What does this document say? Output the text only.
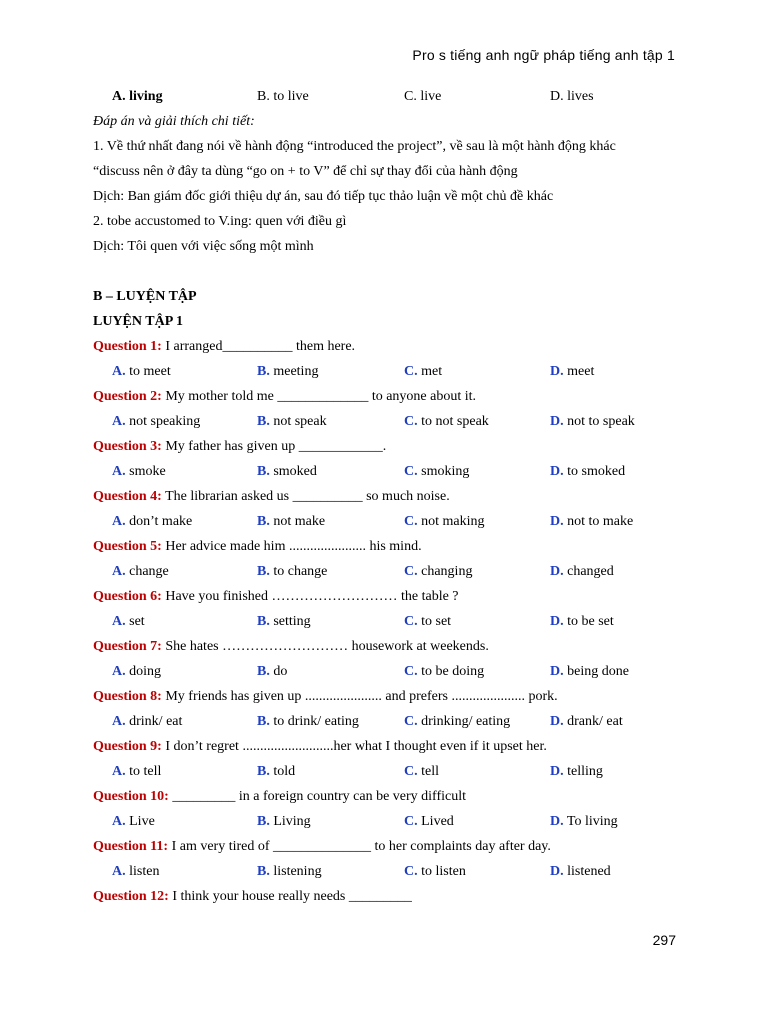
Pro s tiếng anh ngữ pháp tiếng anh tập 1
A. living	B. to live	C. live	D. lives
Đáp án và giải thích chi tiết:
1. Về thứ nhất đang nói về hành động “introduced the project”, về sau là một hành động khác
“discuss nên ở đây ta dùng “go on + to V” để chỉ sự thay đổi của hành động
Dịch: Ban giám đốc giới thiệu dự án, sau đó tiếp tục thảo luận về một chủ đề khác
2. tobe accustomed to V.ing: quen với điều gì
Dịch: Tôi quen với việc sống một mình
B – LUYỆN TẬP
LUYỆN TẬP 1
Question 1: I arranged__________ them here.
A. to meet	B. meeting	C. met	D. meet
Question 2: My mother told me _____________ to anyone about it.
A. not speaking	B. not speak	C. to not speak	D. not to speak
Question 3: My father has given up ____________.
A. smoke	B. smoked	C. smoking	D. to smoked
Question 4: The librarian asked us __________ so much noise.
A. don’t make	B. not make	C. not making	D. not to make
Question 5: Her advice made him ...................... his mind.
A. change	B. to change	C. changing	D. changed
Question 6: Have you finished ……………………… the table ?
A. set	B. setting	C. to set	D. to be set
Question 7: She hates ……………………… housework at weekends.
A. doing	B. do	C. to be doing	D. being done
Question 8: My friends has given up ...................... and prefers ..................... pork.
A. drink/ eat	B. to drink/ eating	C. drinking/ eating	D. drank/ eat
Question 9: I don’t regret ..........................her what I thought even if it upset her.
A. to tell	B. told	C. tell	D. telling
Question 10: _________ in a foreign country can be very difficult
A. Live	B. Living	C. Lived	D. To living
Question 11: I am very tired of ______________ to her complaints day after day.
A. listen	B. listening	C. to listen	D. listened
Question 12: I think your house really needs _________
297
